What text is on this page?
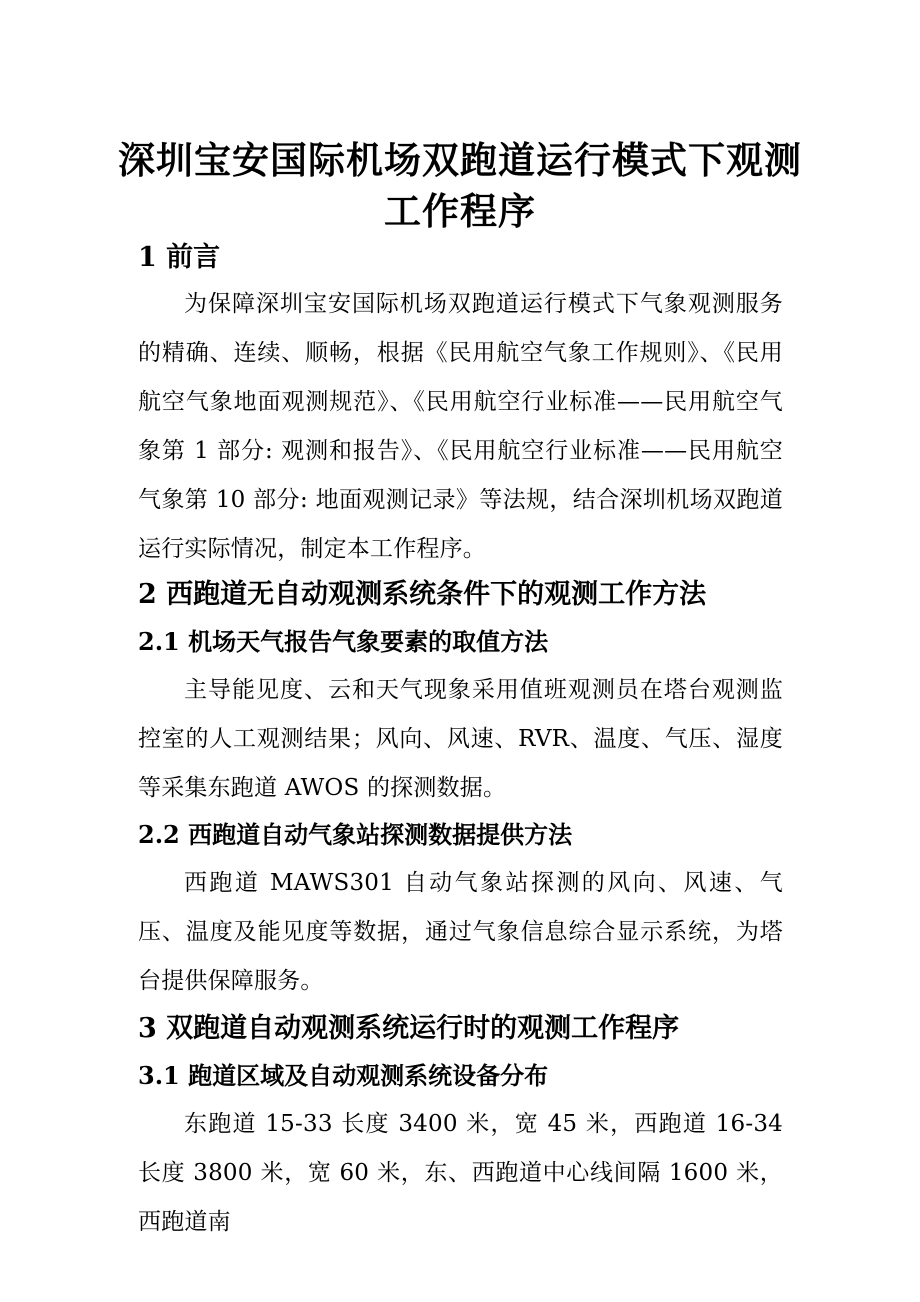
深圳宝安国际机场双跑道运行模式下观测
工作程序
1 前言
为保障深圳宝安国际机场双跑道运行模式下气象观测服务的精确、连续、顺畅，根据《民用航空气象工作规则》、《民用航空气象地面观测规范》、《民用航空行业标准——民用航空气象第 1 部分: 观测和报告》、《民用航空行业标准——民用航空气象第 10 部分: 地面观测记录》等法规，结合深圳机场双跑道运行实际情况，制定本工作程序。
2 西跑道无自动观测系统条件下的观测工作方法
2.1 机场天气报告气象要素的取值方法
主导能见度、云和天气现象采用值班观测员在塔台观测监控室的人工观测结果；风向、风速、RVR、温度、气压、湿度等采集东跑道 AWOS 的探测数据。
2.2 西跑道自动气象站探测数据提供方法
西跑道 MAWS301 自动气象站探测的风向、风速、气压、温度及能见度等数据，通过气象信息综合显示系统，为塔台提供保障服务。
3 双跑道自动观测系统运行时的观测工作程序
3.1 跑道区域及自动观测系统设备分布
东跑道 15-33 长度 3400 米，宽 45 米，西跑道 16-34 长度 3800 米，宽 60 米，东、西跑道中心线间隔 1600 米，西跑道南
